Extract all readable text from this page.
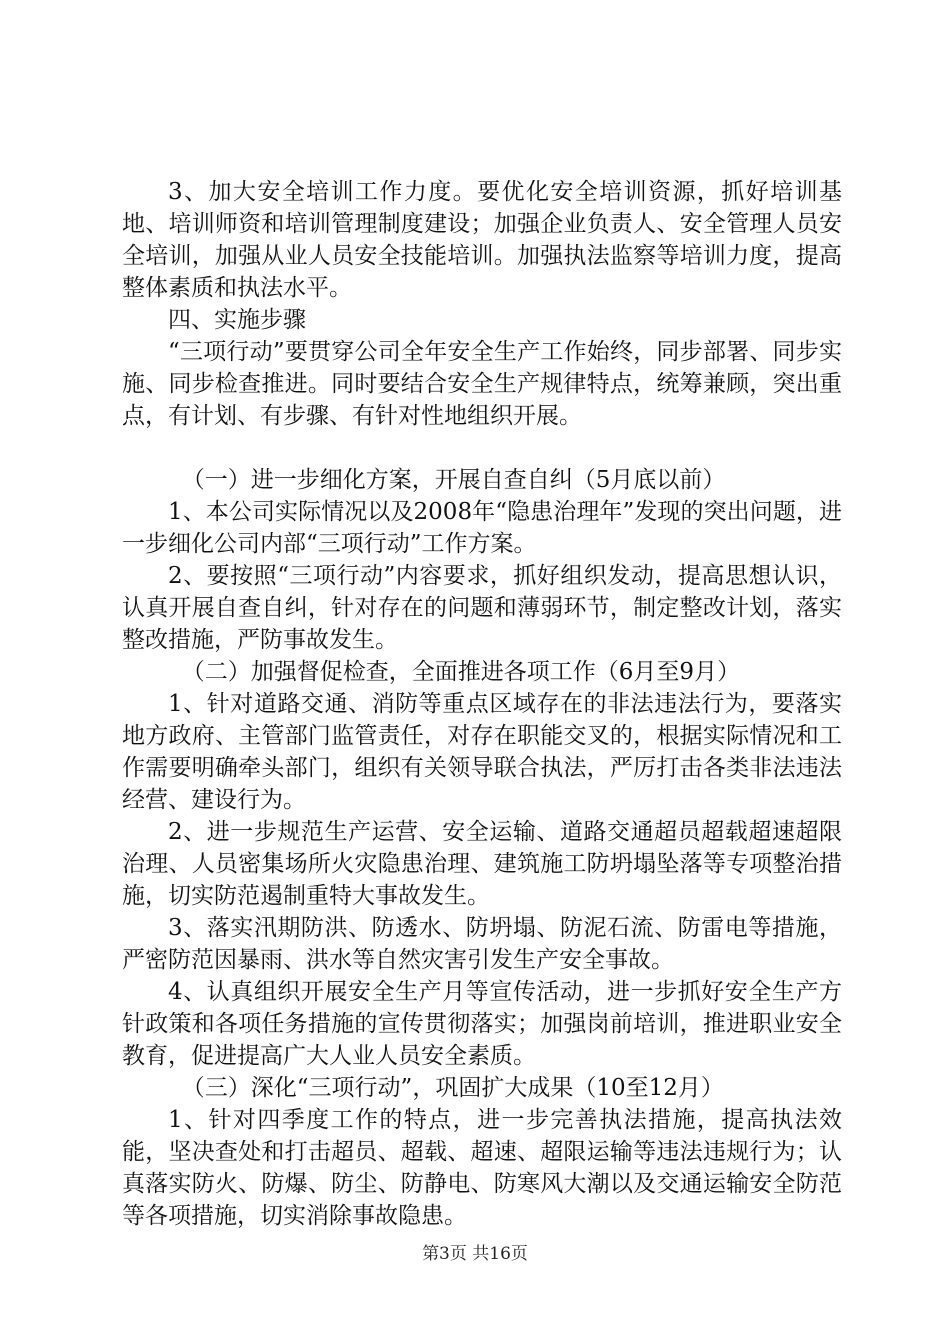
3、加大安全培训工作力度。要优化安全培训资源，抓好培训基地、培训师资和培训管理制度建设；加强企业负责人、安全管理人员安全培训，加强从业人员安全技能培训。加强执法监察等培训力度，提高整体素质和执法水平。

四、实施步骤

“三项行动”要贯穿公司全年安全生产工作始终，同步部署、同步实施、同步检查推进。同时要结合安全生产规律特点，统筹兼顾，突出重点，有计划、有步骤、有针对性地组织开展。

（一）进一步细化方案，开展自查自纠（5月底以前）

1、本公司实际情况以及2008年“隐患治理年”发现的突出问题，进一步细化公司内部“三项行动”工作方案。

2、要按照“三项行动”内容要求，抓好组织发动，提高思想认识，认真开展自查自纠，针对存在的问题和薄弱环节，制定整改计划，落实整改措施，严防事故发生。

（二）加强督促检查，全面推进各项工作（6月至9月）

1、针对道路交通、消防等重点区域存在的非法违法行为，要落实地方政府、主管部门监管责任，对存在职能交叉的，根据实际情况和工作需要明确牵头部门，组织有关领导联合执法，严厉打击各类非法违法经营、建设行为。

2、进一步规范生产运营、安全运输、道路交通超员超载超速超限治理、人员密集场所火灾隐患治理、建筑施工防坍塌坠落等专项整治措施，切实防范遏制重特大事故发生。

3、落实汛期防洪、防透水、防坍塌、防泥石流、防雷电等措施，严密防范因暴雨、洪水等自然灾害引发生产安全事故。

4、认真组织开展安全生产月等宣传活动，进一步抓好安全生产方针政策和各项任务措施的宣传贯彻落实；加强岗前培训，推进职业安全教育，促进提高广大人业人员安全素质。

（三）深化“三项行动”，巩固扩大成果（10至12月）

1、针对四季度工作的特点，进一步完善执法措施，提高执法效能，坚决查处和打击超员、超载、超速、超限运输等违法违规行为；认真落实防火、防爆、防尘、防静电、防寒风大潮以及交通运输安全防范等各项措施，切实消除事故隐患。

第3页 共16页
